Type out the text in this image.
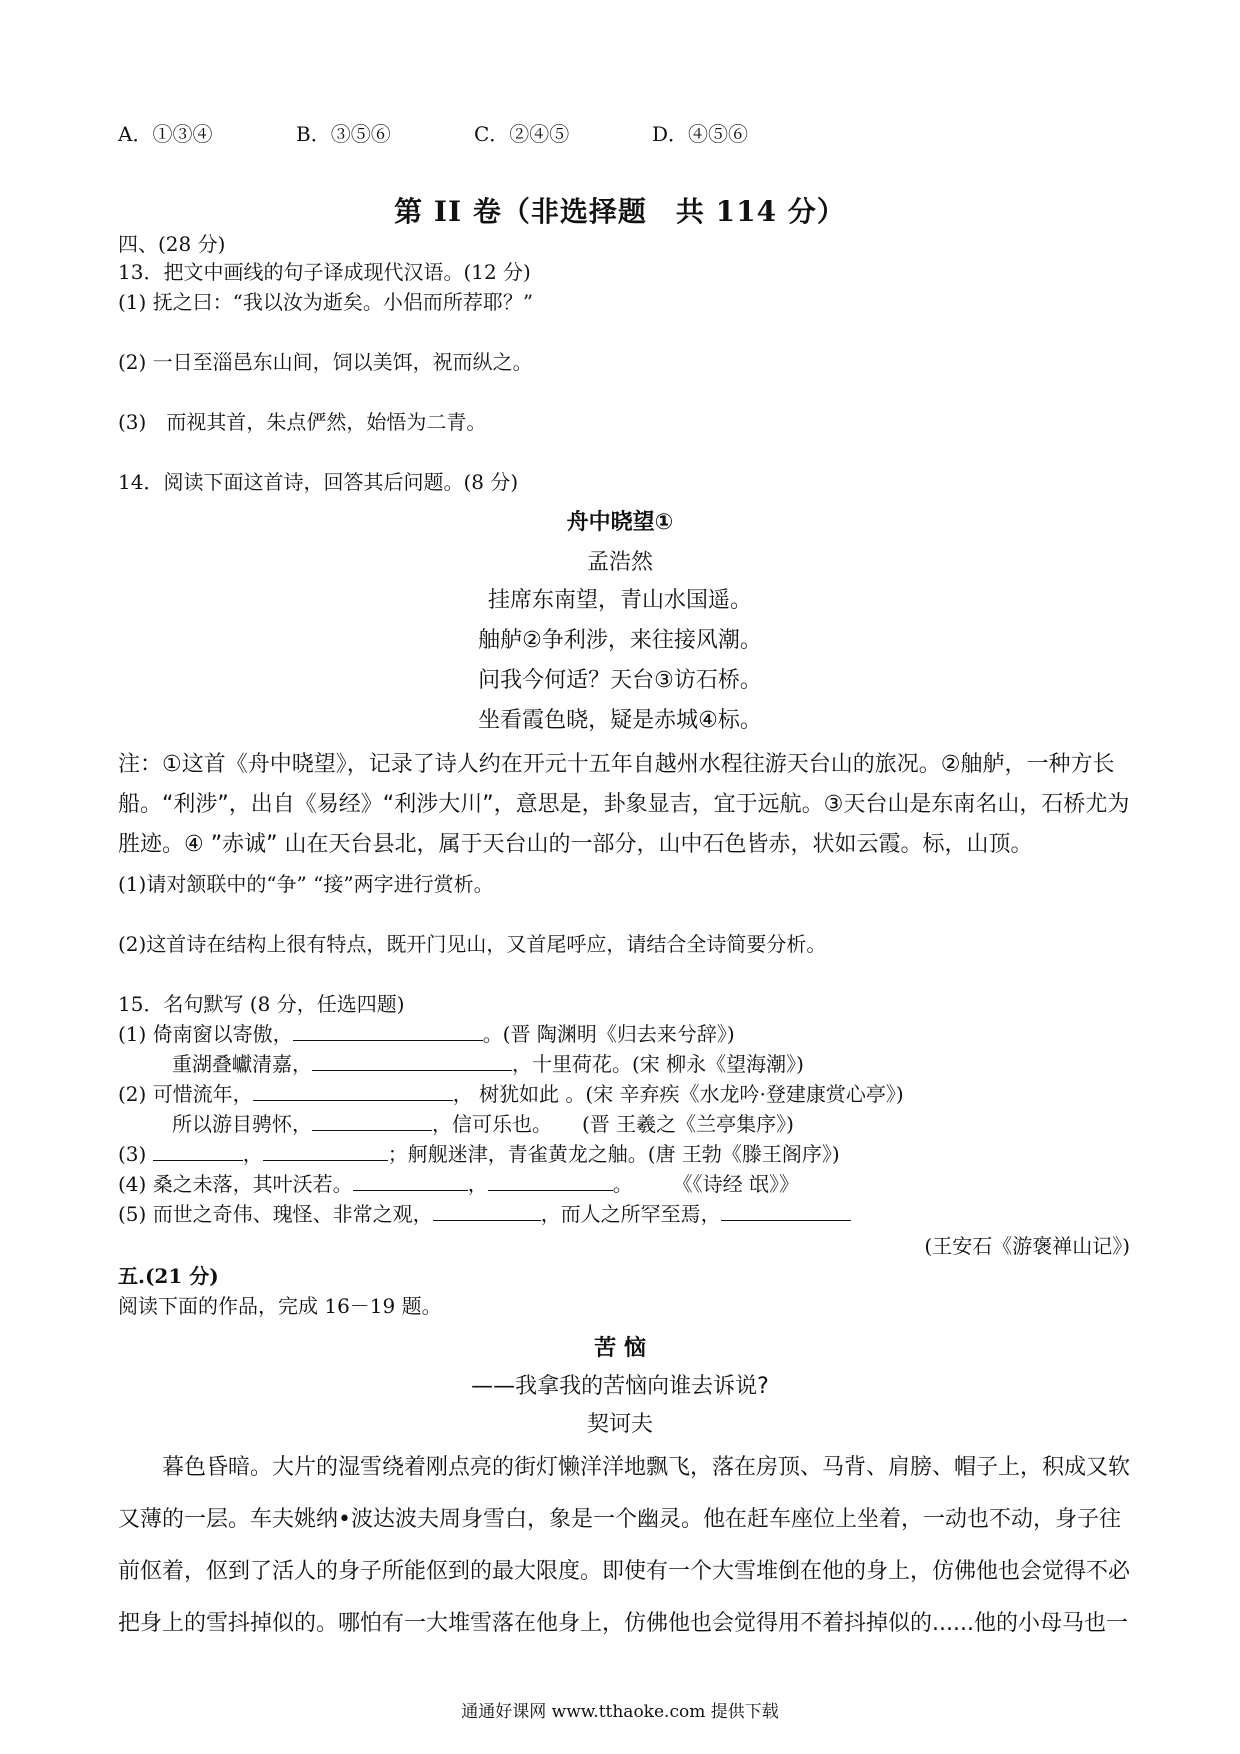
A．①③④	B．③⑤⑥	C．②④⑤	D．④⑤⑥
第 II 卷（非选择题　共 114 分）
四、(28 分)
13．把文中画线的句子译成现代汉语。(12 分)
(1) 抚之曰：“我以汝为逝矣。小侣而所荐耶？”
(2) 一日至淄邑东山间，饲以美饵，祝而纵之。
(3)　而视其首，朱点俨然，始悟为二青。
14．阅读下面这首诗，回答其后问题。(8 分)
舟中晓望①
孟浩然
挂席东南望，青山水国遥。
舳舻②争利涉，来往接风潮。
问我今何适？天台③访石桥。
坐看霞色晓，疑是赤城④标。
注：①这首《舟中晓望》，记录了诗人约在开元十五年自越州水程往游天台山的旅况。②舳舻，一种方长
船。“利涉”，出自《易经》“利涉大川”，意思是，卦象显吉，宜于远航。③天台山是东南名山，石桥尤为
胜迹。④ ”赤诚” 山在天台县北，属于天台山的一部分，山中石色皆赤，状如云霞。标，山顶。
(1)请对颔联中的“争” “接”两字进行赏析。
(2)这首诗在结构上很有特点，既开门见山，又首尾呼应，请结合全诗简要分析。
15．名句默写 (8 分，任选四题)
(1) 倚南窗以寄傲，	。(晋 陶渊明《归去来兮辞》)
重湖叠巘清嘉，	，十里荷花。(宋 柳永《望海潮》)
(2) 可惜流年，	， 树犹如此 。(宋 辛弃疾《水龙吟·登建康赏心亭》)
所以游目骋怀，	，信可乐也。　　(晋 王羲之《兰亭集序》)
(3)	，	；舸舰迷津，青雀黄龙之舳。(唐 王勃《滕王阁序》)
(4) 桑之未落，其叶沃若。	，	。　　　《《诗经 氓》》
(5) 而世之奇伟、瑰怪、非常之观，	，而人之所罕至焉，
(王安石《游褒禅山记》)
五.(21 分)
阅读下面的作品，完成 16－19 题。
苦 恼
——我拿我的苦恼向谁去诉说?
契诃夫
　　暮色昏暗。大片的湿雪绕着刚点亮的街灯懒洋洋地飘飞，落在房顶、马背、肩膀、帽子上，积成又软
又薄的一层。车夫姚纳•波达波夫周身雪白，象是一个幽灵。他在赶车座位上坐着，一动也不动，身子往
前伛着，伛到了活人的身子所能伛到的最大限度。即使有一个大雪堆倒在他的身上，仿佛他也会觉得不必
把身上的雪抖掉似的。哪怕有一大堆雪落在他身上，仿佛他也会觉得用不着抖掉似的......他的小母马也一
通通好课网 www.tthaoke.com 提供下载
